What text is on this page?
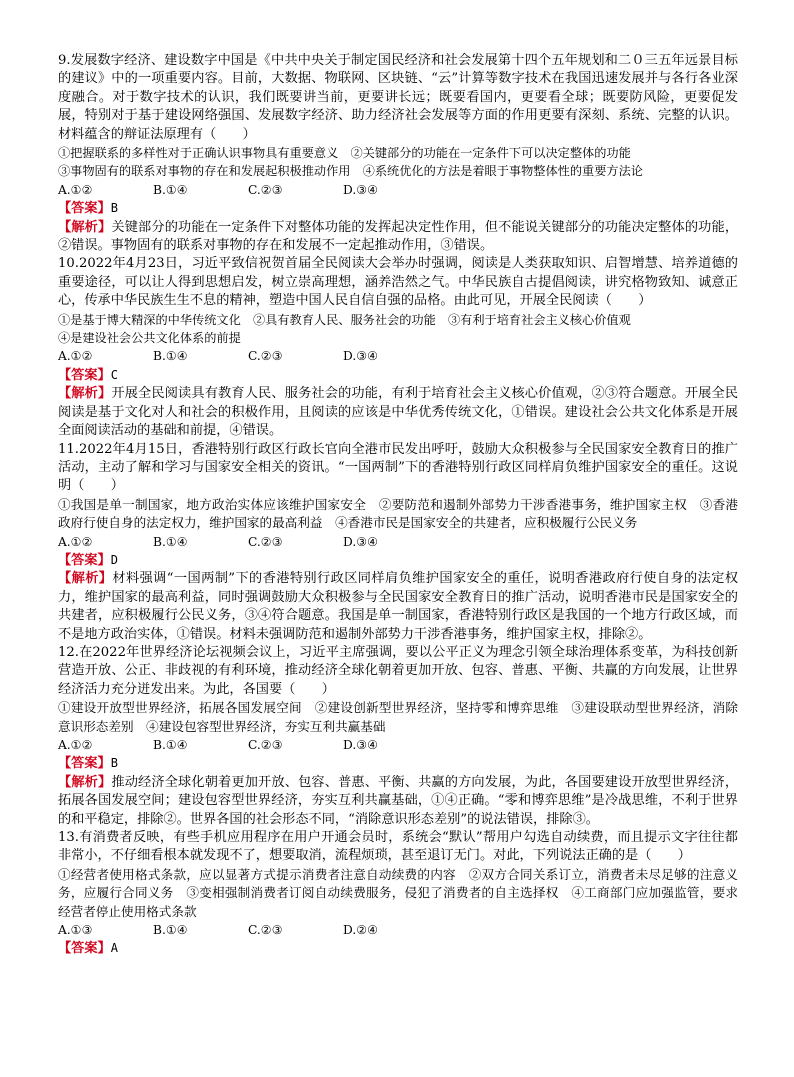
9.发展数字经济、建设数字中国是《中共中央关于制定国民经济和社会发展第十四个五年规划和二０三五年远景目标的建议》中的一项重要内容。目前，大数据、物联网、区块链、“云”计算等数字技术在我国迅速发展并与各行各业深度融合。对于数字技术的认识，我们既要讲当前，更要讲长远；既要看国内，更要看全球；既要防风险，更要促发展，特别对于基于建设网络强国、发展数字经济、助力经济社会发展等方面的作用更要有深刻、系统、完整的认识。材料蕴含的辩证法原理有（　　）

①把握联系的多样性对于正确认识事物具有重要意义　②关键部分的功能在一定条件下可以决定整体的功能

③事物固有的联系对事物的存在和发展起积极推动作用　④系统优化的方法是着眼于事物整体性的重要方法论

A.①②	B.①④	C.②③	D.③④

【答案】B

【解析】关键部分的功能在一定条件下对整体功能的发挥起决定性作用，但不能说关键部分的功能决定整体的功能，②错误。事物固有的联系对事物的存在和发展不一定起推动作用，③错误。

10.2022年4月23日，习近平致信祝贺首届全民阅读大会举办时强调，阅读是人类获取知识、启智增慧、培养道德的重要途径，可以让人得到思想启发，树立崇高理想，涵养浩然之气。中华民族自古提倡阅读，讲究格物致知、诚意正心，传承中华民族生生不息的精神，塑造中国人民自信自强的品格。由此可见，开展全民阅读（　　）

①是基于博大精深的中华传统文化　②具有教育人民、服务社会的功能　③有利于培育社会主义核心价值观

④是建设社会公共文化体系的前提

A.①②	B.①④	C.②③	D.③④

【答案】C

【解析】开展全民阅读具有教育人民、服务社会的功能，有利于培育社会主义核心价值观，②③符合题意。开展全民阅读是基于文化对人和社会的积极作用，且阅读的应该是中华优秀传统文化，①错误。建设社会公共文化体系是开展全面阅读活动的基础和前提，④错误。

11.2022年4月15日，香港特别行政区行政长官向全港市民发出呼吁，鼓励大众积极参与全民国家安全教育日的推广活动，主动了解和学习与国家安全相关的资讯。“一国两制”下的香港特别行政区同样肩负维护国家安全的重任。这说明（　　）

①我国是单一制国家，地方政治实体应该维护国家安全　②要防范和遏制外部势力干涉香港事务，维护国家主权　③香港政府行使自身的法定权力，维护国家的最高利益　④香港市民是国家安全的共建者，应积极履行公民义务

A.①②	B.①④	C.②③	D.③④

【答案】D

【解析】材料强调“一国两制”下的香港特别行政区同样肩负维护国家安全的重任，说明香港政府行使自身的法定权力，维护国家的最高利益，同时强调鼓励大众积极参与全民国家安全教育日的推广活动，说明香港市民是国家安全的共建者，应积极履行公民义务，③④符合题意。我国是单一制国家，香港特别行政区是我国的一个地方行政区域，而不是地方政治实体，①错误。材料未强调防范和遏制外部势力干涉香港事务，维护国家主权，排除②。

12.在2022年世界经济论坛视频会议上，习近平主席强调，要以公平正义为理念引领全球治理体系变革，为科技创新营造开放、公正、非歧视的有利环境，推动经济全球化朝着更加开放、包容、普惠、平衡、共赢的方向发展，让世界经济活力充分迸发出来。为此，各国要（　　）

①建设开放型世界经济，拓展各国发展空间　②建设创新型世界经济，坚持零和博弈思维　③建设联动型世界经济，消除意识形态差别　④建设包容型世界经济，夯实互利共赢基础

A.①②	B.①④	C.②③	D.③④

【答案】B

【解析】推动经济全球化朝着更加开放、包容、普惠、平衡、共赢的方向发展，为此，各国要建设开放型世界经济，拓展各国发展空间；建设包容型世界经济，夯实互利共赢基础，①④正确。“零和博弈思维”是冷战思维，不利于世界的和平稳定，排除②。世界各国的社会形态不同，“消除意识形态差别”的说法错误，排除③。

13.有消费者反映，有些手机应用程序在用户开通会员时，系统会“默认”帮用户勾选自动续费，而且提示文字往往都非常小，不仔细看根本就发现不了，想要取消，流程烦琐，甚至退订无门。对此，下列说法正确的是（　　）

①经营者使用格式条款，应以显著方式提示消费者注意自动续费的内容　②双方合同关系订立，消费者未尽足够的注意义务，应履行合同义务　③变相强制消费者订阅自动续费服务，侵犯了消费者的自主选择权　④工商部门应加强监管，要求经营者停止使用格式条款

A.①③	B.①④	C.②③	D.②④

【答案】A
